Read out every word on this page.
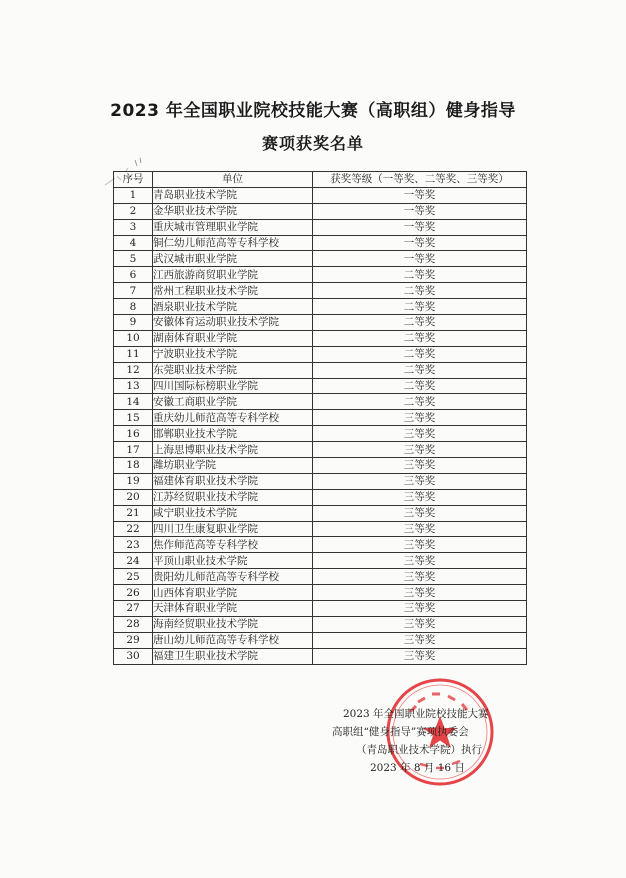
2023 年全国职业院校技能大赛（高职组）健身指导
赛项获奖名单
序号	单位	获奖等级（一等奖、二等奖、三等奖）
1	青岛职业技术学院	一等奖
2	金华职业技术学院	一等奖
3	重庆城市管理职业学院	一等奖
4	铜仁幼儿师范高等专科学校	一等奖
5	武汉城市职业学院	一等奖
6	江西旅游商贸职业学院	二等奖
7	常州工程职业技术学院	二等奖
8	酒泉职业技术学院	二等奖
9	安徽体育运动职业技术学院	二等奖
10	湖南体育职业学院	二等奖
11	宁波职业技术学院	二等奖
12	东莞职业技术学院	二等奖
13	四川国际标榜职业学院	二等奖
14	安徽工商职业学院	二等奖
15	重庆幼儿师范高等专科学校	三等奖
16	邯郸职业技术学院	三等奖
17	上海思博职业技术学院	三等奖
18	潍坊职业学院	三等奖
19	福建体育职业技术学院	三等奖
20	江苏经贸职业技术学院	三等奖
21	咸宁职业技术学院	三等奖
22	四川卫生康复职业学院	三等奖
23	焦作师范高等专科学校	三等奖
24	平顶山职业技术学院	三等奖
25	贵阳幼儿师范高等专科学校	三等奖
26	山西体育职业学院	三等奖
27	天津体育职业学院	三等奖
28	海南经贸职业技术学院	三等奖
29	唐山幼儿师范高等专科学校	三等奖
30	福建卫生职业技术学院	三等奖
2023 年全国职业院校技能大赛
高职组“健身指导”赛项执委会
（青岛职业技术学院）执行
2023 年 8 月 16 日
